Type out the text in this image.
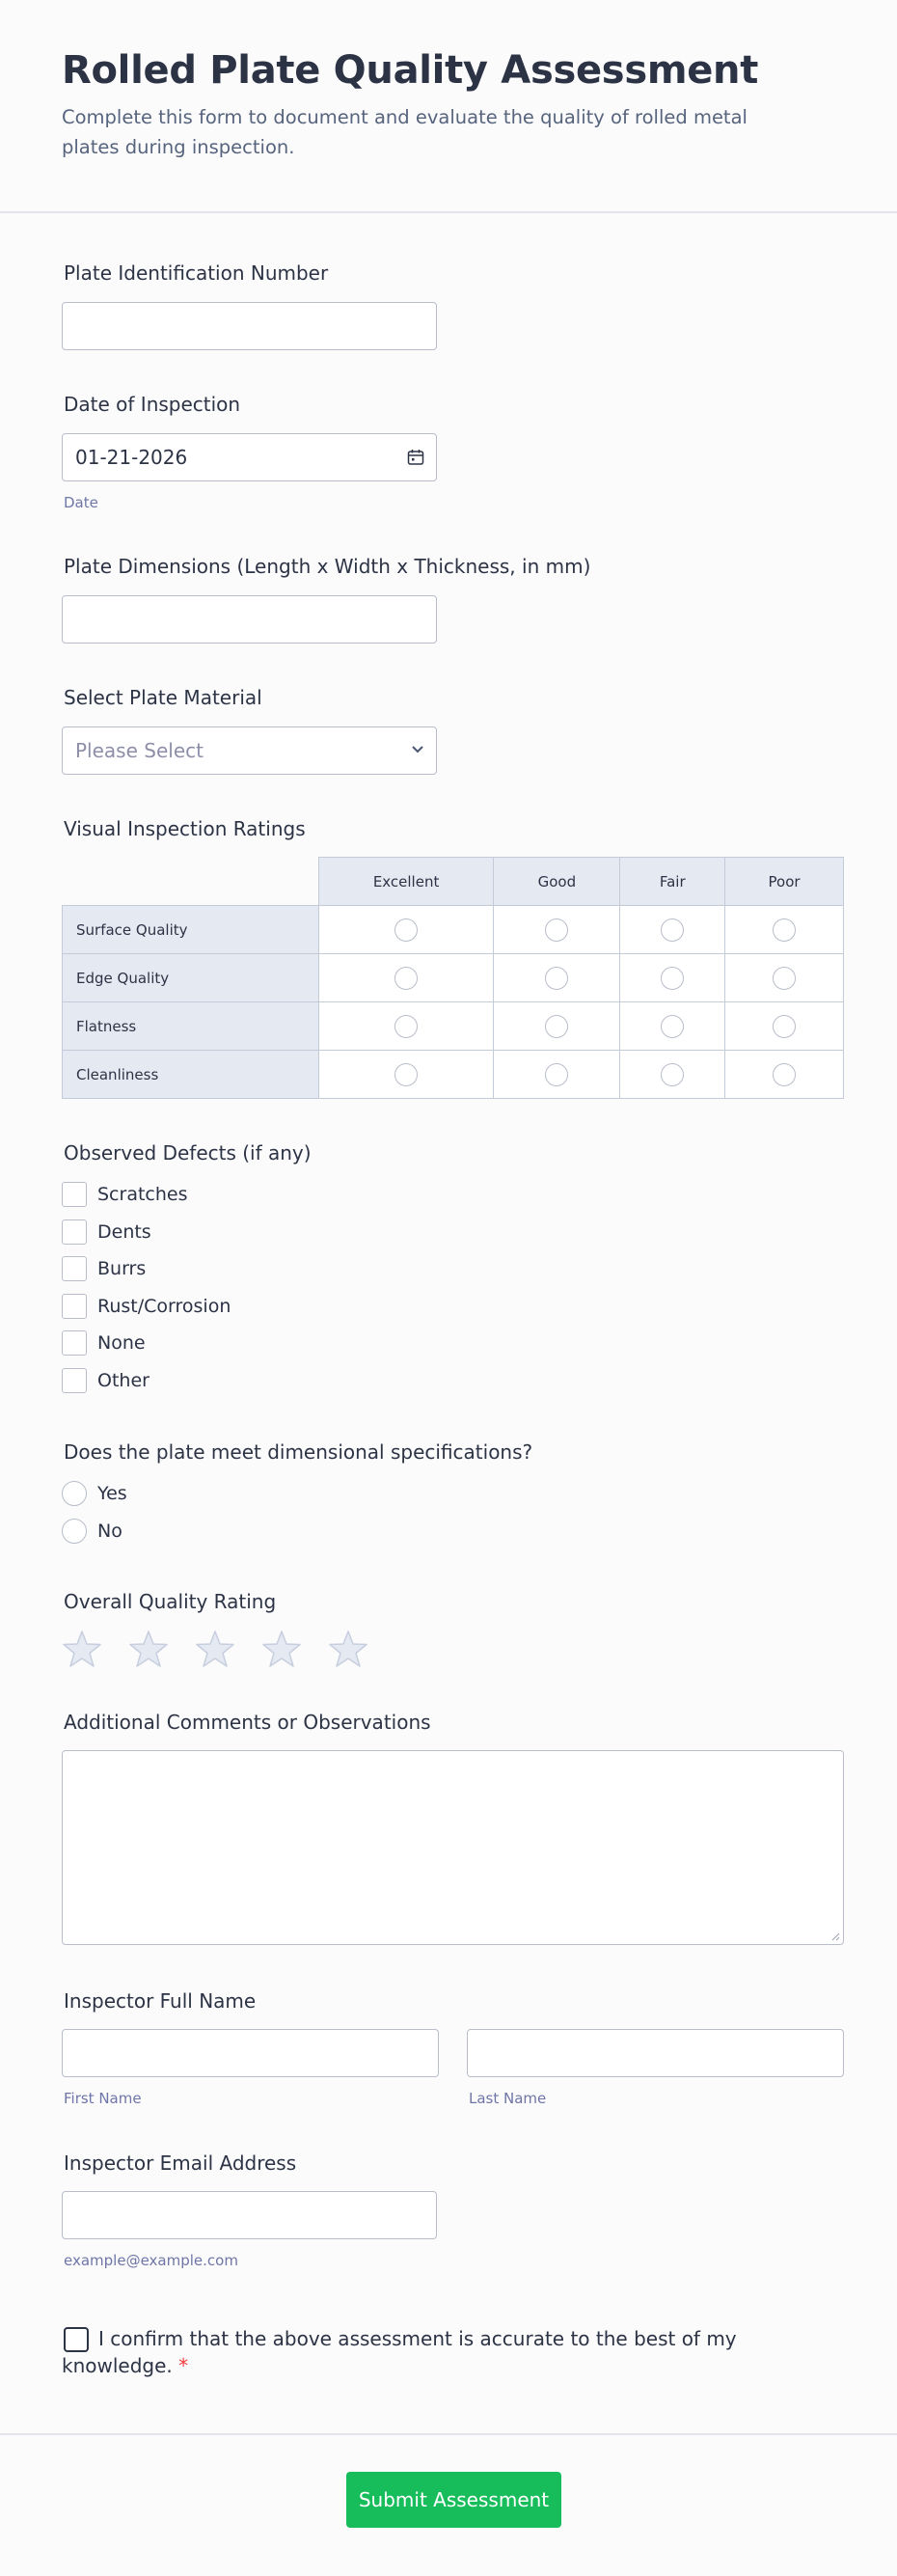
Rolled Plate Quality Assessment

Complete this form to document and evaluate the quality of rolled metal plates during inspection.

Plate Identification Number
Date of Inspection
01-21-2026
Date
Plate Dimensions (Length x Width x Thickness, in mm)
Select Plate Material
Please Select
Visual Inspection Ratings
	Excellent	Good	Fair	Poor
Surface Quality				
Edge Quality				
Flatness				
Cleanliness				
Observed Defects (if any)
Scratches
Dents
Burrs
Rust/Corrosion
None
Other
Does the plate meet dimensional specifications?
Yes
No
Overall Quality Rating
Additional Comments or Observations
Inspector Full Name
First Name	Last Name
Inspector Email Address
example@example.com
I confirm that the above assessment is accurate to the best of my knowledge. *
Submit Assessment
